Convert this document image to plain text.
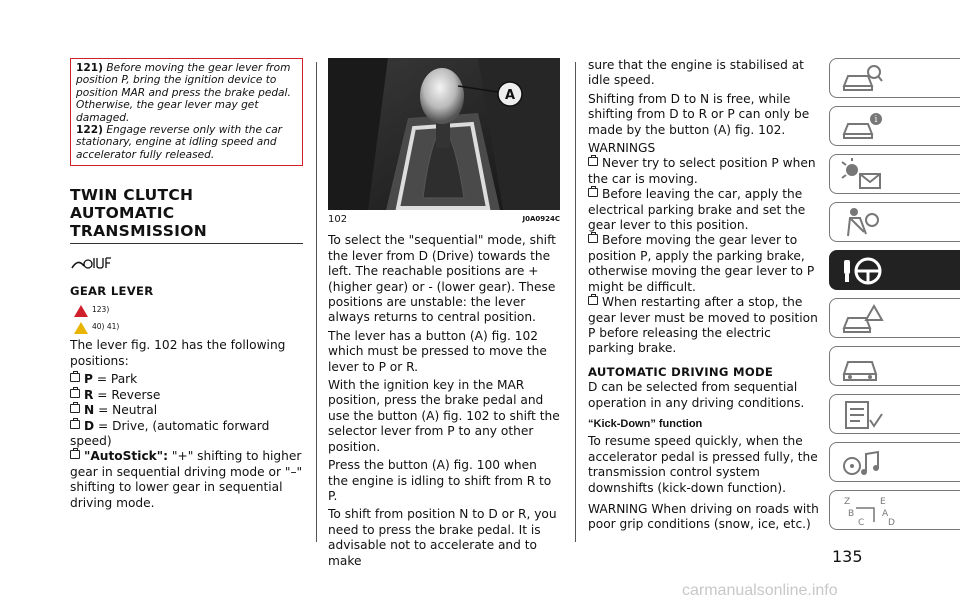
121) Before moving the gear lever from position P, bring the ignition device to position MAR and press the brake pedal. Otherwise, the gear lever may get damaged.

122) Engage reverse only with the car stationary, engine at idling speed and accelerator fully released.

TWIN CLUTCH AUTOMATIC TRANSMISSION
GEAR LEVER
123)
40) 41)

The lever fig. 102 has the following positions:

P = Park

R = Reverse

N = Neutral

D = Drive, (automatic forward speed)

"AutoStick": "+" shifting to higher gear in sequential driving mode or "–" shifting to lower gear in sequential driving mode.

A
102	J0A0924C

To select the "sequential" mode, shift the lever from D (Drive) towards the left. The reachable positions are + (higher gear) or - (lower gear). These positions are unstable: the lever always returns to central position.

The lever has a button (A) fig. 102 which must be pressed to move the lever to P or R.

With the ignition key in the MAR position, press the brake pedal and use the button (A) fig. 102 to shift the selector lever from P to any other position.

Press the button (A) fig. 100 when the engine is idling to shift from R to P.

To shift from position N to D or R, you need to press the brake pedal. It is advisable not to accelerate and to make

sure that the engine is stabilised at idle speed.

Shifting from D to N is free, while shifting from D to R or P can only be made by the button (A) fig. 102.

WARNINGS

Never try to select position P when the car is moving.

Before leaving the car, apply the electrical parking brake and set the gear lever to this position.

Before moving the gear lever to position P, apply the parking brake, otherwise moving the gear lever to P might be difficult.

When restarting after a stop, the gear lever must be moved to position P before releasing the electric parking brake.

AUTOMATIC DRIVING MODE

D can be selected from sequential operation in any driving conditions.

“Kick-Down” function

To resume speed quickly, when the accelerator pedal is pressed fully, the transmission control system downshifts (kick-down function).

WARNING When driving on roads with poor grip conditions (snow, ice, etc.)

i
Z	E
B	A
C	D
135
carmanualsonline.info
